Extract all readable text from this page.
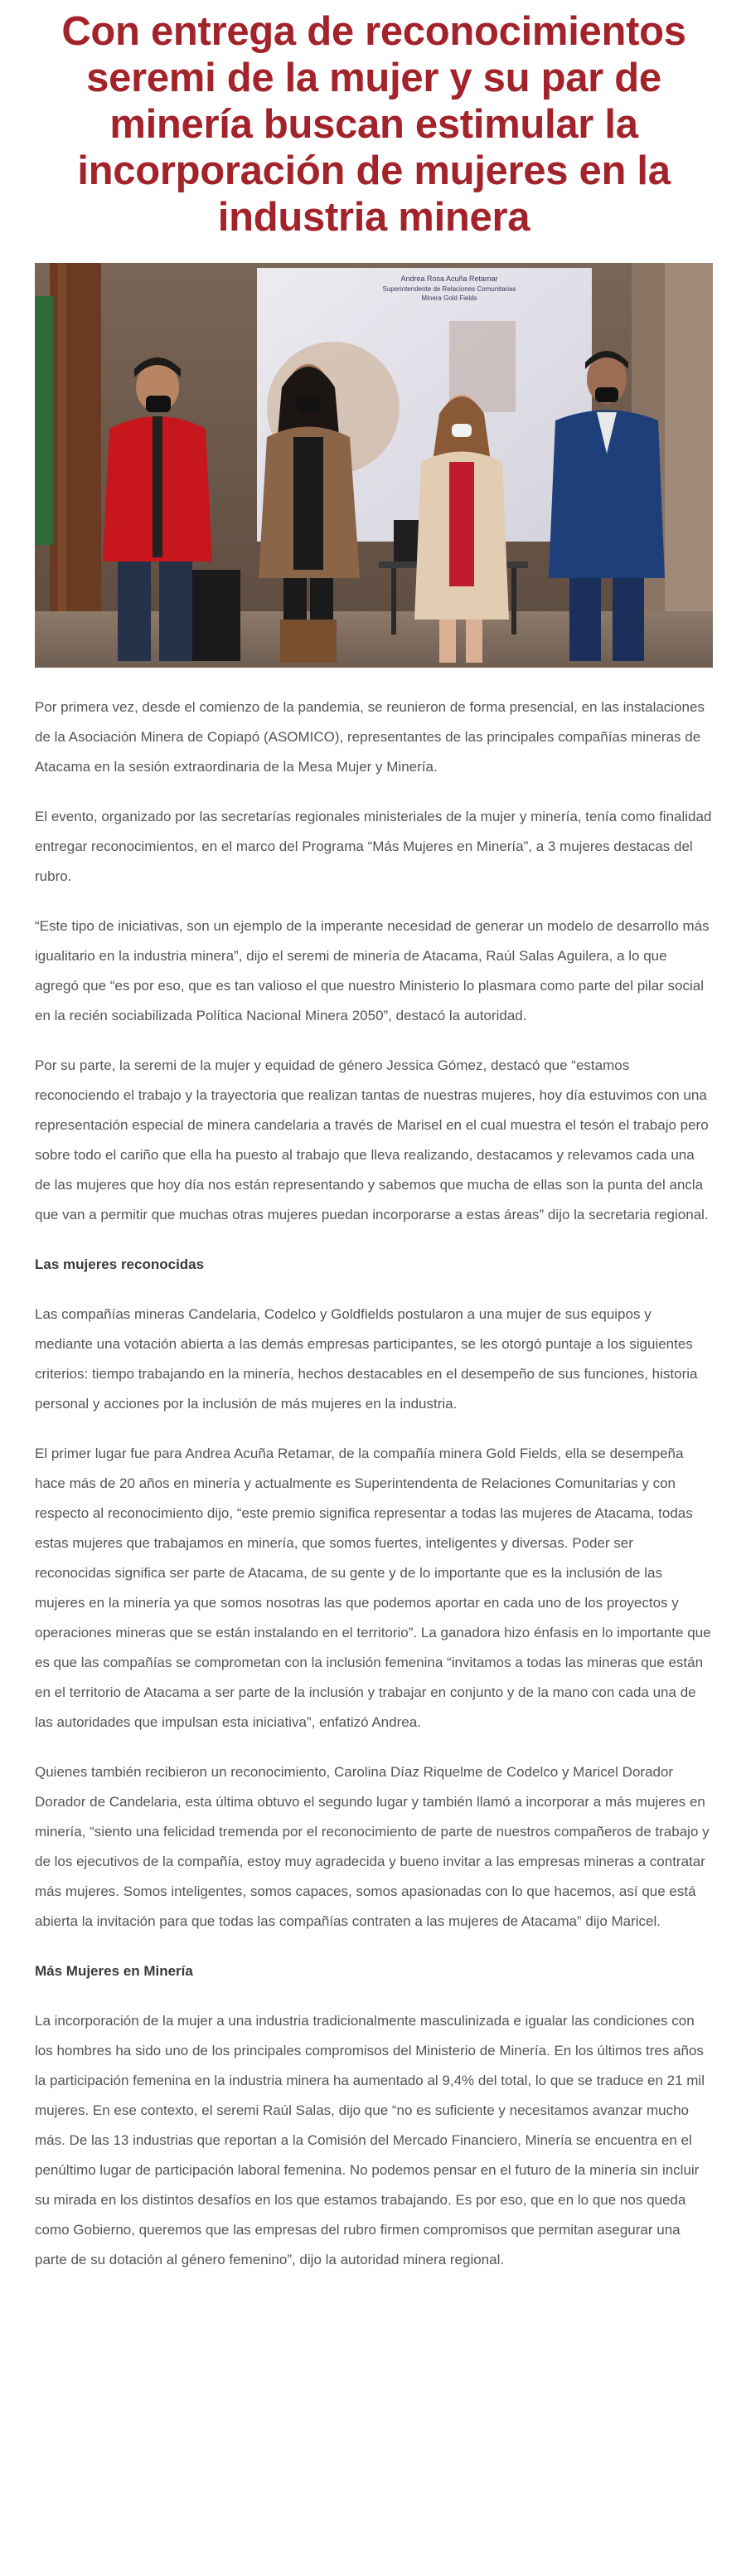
Con entrega de reconocimientos seremi de la mujer y su par de minería buscan estimular la incorporación de mujeres en la industria minera
Andrea Rosa Acuña Retamar
Superintendente de Relaciones Comunitarias
Minera Gold Fields

Por primera vez, desde el comienzo de la pandemia, se reunieron de forma presencial, en las instalaciones de la Asociación Minera de Copiapó (ASOMICO), representantes de las principales compañías mineras de Atacama en la sesión extraordinaria de la Mesa Mujer y Minería.

El evento, organizado por las secretarías regionales ministeriales de la mujer y minería, tenía como finalidad entregar reconocimientos, en el marco del Programa “Más Mujeres en Minería”, a 3 mujeres destacas del rubro.

“Este tipo de iniciativas, son un ejemplo de la imperante necesidad de generar un modelo de desarrollo más igualitario en la industria minera”, dijo el seremi de minería de Atacama, Raúl Salas Aguilera, a lo que agregó que “es por eso, que es tan valioso el que nuestro Ministerio lo plasmara como parte del pilar social en la recién sociabilizada Política Nacional Minera 2050”, destacó la autoridad.

Por su parte, la seremi de la mujer y equidad de género Jessica Gómez, destacó que “estamos reconociendo el trabajo y la trayectoria que realizan tantas de nuestras mujeres, hoy día estuvimos con una representación especial de minera candelaria a través de Marisel en el cual muestra el tesón el trabajo pero sobre todo el cariño que ella ha puesto al trabajo que lleva realizando, destacamos y relevamos cada una de las mujeres que hoy día nos están representando y sabemos que mucha de ellas son la punta del ancla que van a permitir que muchas otras mujeres puedan incorporarse a estas áreas” dijo la secretaria regional.

Las mujeres reconocidas

Las compañías mineras Candelaria, Codelco y Goldfields postularon a una mujer de sus equipos y mediante una votación abierta a las demás empresas participantes, se les otorgó puntaje a los siguientes criterios: tiempo trabajando en la minería, hechos destacables en el desempeño de sus funciones, historia personal y acciones por la inclusión de más mujeres en la industria.

El primer lugar fue para Andrea Acuña Retamar, de la compañía minera Gold Fields, ella se desempeña hace más de 20 años en minería y actualmente es Superintendenta de Relaciones Comunitarias y con respecto al reconocimiento dijo, “este premio significa representar a todas las mujeres de Atacama, todas estas mujeres que trabajamos en minería, que somos fuertes, inteligentes y diversas. Poder ser reconocidas significa ser parte de Atacama, de su gente y de lo importante que es la inclusión de las mujeres en la minería ya que somos nosotras las que podemos aportar en cada uno de los proyectos y operaciones mineras que se están instalando en el territorio”. La ganadora hizo énfasis en lo importante que es que las compañías se comprometan con la inclusión femenina “invitamos a todas las mineras que están en el territorio de Atacama a ser parte de la inclusión y trabajar en conjunto y de la mano con cada una de las autoridades que impulsan esta iniciativa”, enfatizó Andrea.

Quienes también recibieron un reconocimiento, Carolina Díaz Riquelme de Codelco y Maricel Dorador Dorador de Candelaria, esta última obtuvo el segundo lugar y también llamó a incorporar a más mujeres en minería, “siento una felicidad tremenda por el reconocimiento de parte de nuestros compañeros de trabajo y de los ejecutivos de la compañía, estoy muy agradecida y bueno invitar a las empresas mineras a contratar más mujeres. Somos inteligentes, somos capaces, somos apasionadas con lo que hacemos, así que está abierta la invitación para que todas las compañías contraten a las mujeres de Atacama” dijo Maricel.

Más Mujeres en Minería

La incorporación de la mujer a una industria tradicionalmente masculinizada e igualar las condiciones con los hombres ha sido uno de los principales compromisos del Ministerio de Minería. En los últimos tres años la participación femenina en la industria minera ha aumentado al 9,4% del total, lo que se traduce en 21 mil mujeres. En ese contexto, el seremi Raúl Salas, dijo que “no es suficiente y necesitamos avanzar mucho más. De las 13 industrias que reportan a la Comisión del Mercado Financiero, Minería se encuentra en el penúltimo lugar de participación laboral femenina. No podemos pensar en el futuro de la minería sin incluir su mirada en los distintos desafíos en los que estamos trabajando. Es por eso, que en lo que nos queda como Gobierno, queremos que las empresas del rubro firmen compromisos que permitan asegurar una parte de su dotación al género femenino”, dijo la autoridad minera regional.
